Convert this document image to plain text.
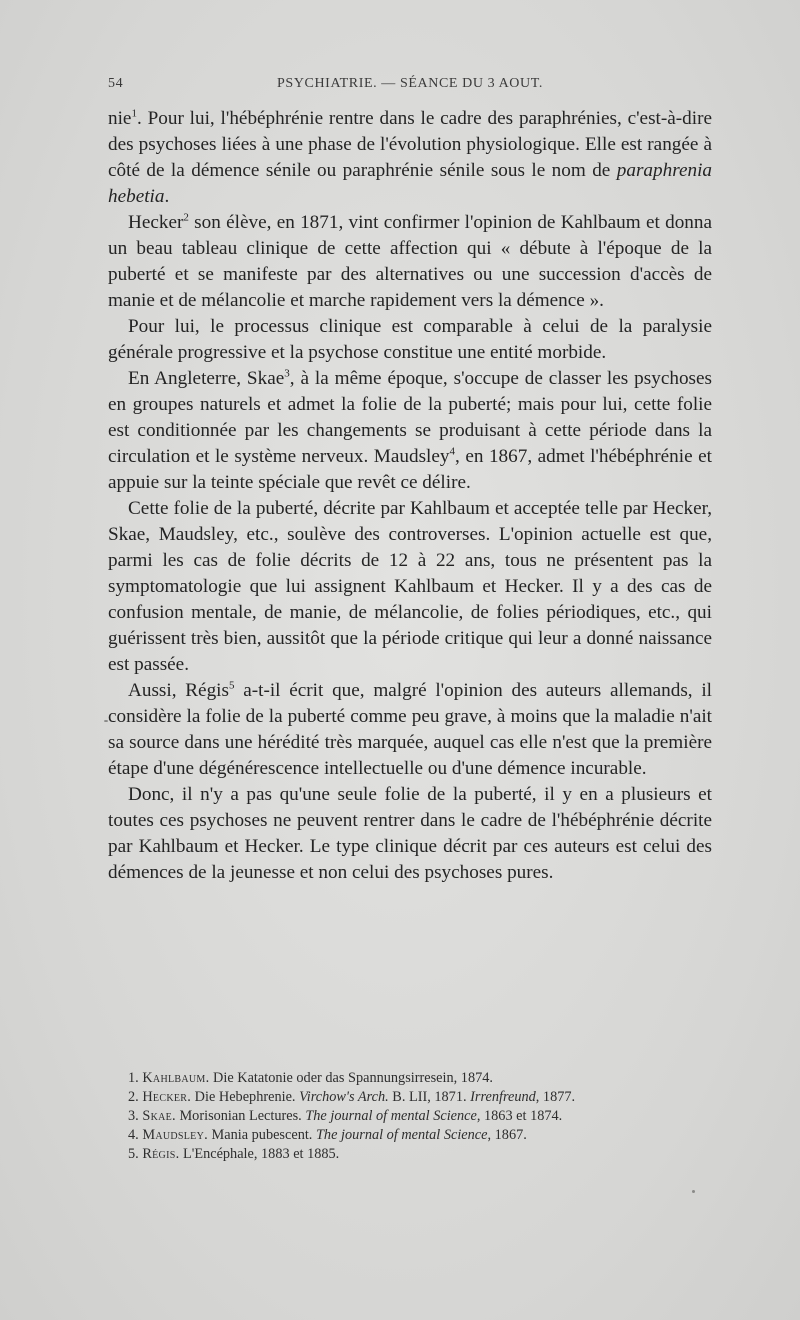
54	PSYCHIATRIE. — SÉANCE DU 3 AOUT.

nie$^1$. Pour lui, l'hébéphrénie rentre dans le cadre des paraphrénies, c'est-à-dire des psychoses liées à une phase de l'évolution physiologique. Elle est rangée à côté de la démence sénile ou paraphrénie sénile sous le nom de paraphrenia hebetia.

Hecker$^2$ son élève, en 1871, vint confirmer l'opinion de Kahlbaum et donna un beau tableau clinique de cette affection qui « débute à l'époque de la puberté et se manifeste par des alternatives ou une succession d'accès de manie et de mélancolie et marche rapidement vers la démence ».

Pour lui, le processus clinique est comparable à celui de la paralysie générale progressive et la psychose constitue une entité morbide.

En Angleterre, Skae$^3$, à la même époque, s'occupe de classer les psychoses en groupes naturels et admet la folie de la puberté; mais pour lui, cette folie est conditionnée par les changements se produisant à cette période dans la circulation et le système nerveux. Maudsley$^4$, en 1867, admet l'hébéphrénie et appuie sur la teinte spéciale que revêt ce délire.

Cette folie de la puberté, décrite par Kahlbaum et acceptée telle par Hecker, Skae, Maudsley, etc., soulève des controverses. L'opinion actuelle est que, parmi les cas de folie décrits de 12 à 22 ans, tous ne présentent pas la symptomatologie que lui assignent Kahlbaum et Hecker. Il y a des cas de confusion mentale, de manie, de mélancolie, de folies périodiques, etc., qui guérissent très bien, aussitôt que la période critique qui leur a donné naissance est passée.

Aussi, Régis$^5$ a-t-il écrit que, malgré l'opinion des auteurs allemands, il considère la folie de la puberté comme peu grave, à moins que la maladie n'ait sa source dans une hérédité très marquée, auquel cas elle n'est que la première étape d'une dégénérescence intellectuelle ou d'une démence incurable.

Donc, il n'y a pas qu'une seule folie de la puberté, il y en a plusieurs et toutes ces psychoses ne peuvent rentrer dans le cadre de l'hébéphrénie décrite par Kahlbaum et Hecker. Le type clinique décrit par ces auteurs est celui des démences de la jeunesse et non celui des psychoses pures.

1. Kahlbaum. Die Katatonie oder das Spannungsirresein, 1874.

2. Hecker. Die Hebephrenie. Virchow's Arch. B. LII, 1871. Irrenfreund, 1877.

3. Skae. Morisonian Lectures. The journal of mental Science, 1863 et 1874.

4. Maudsley. Mania pubescent. The journal of mental Science, 1867.

5. Régis. L'Encéphale, 1883 et 1885.
